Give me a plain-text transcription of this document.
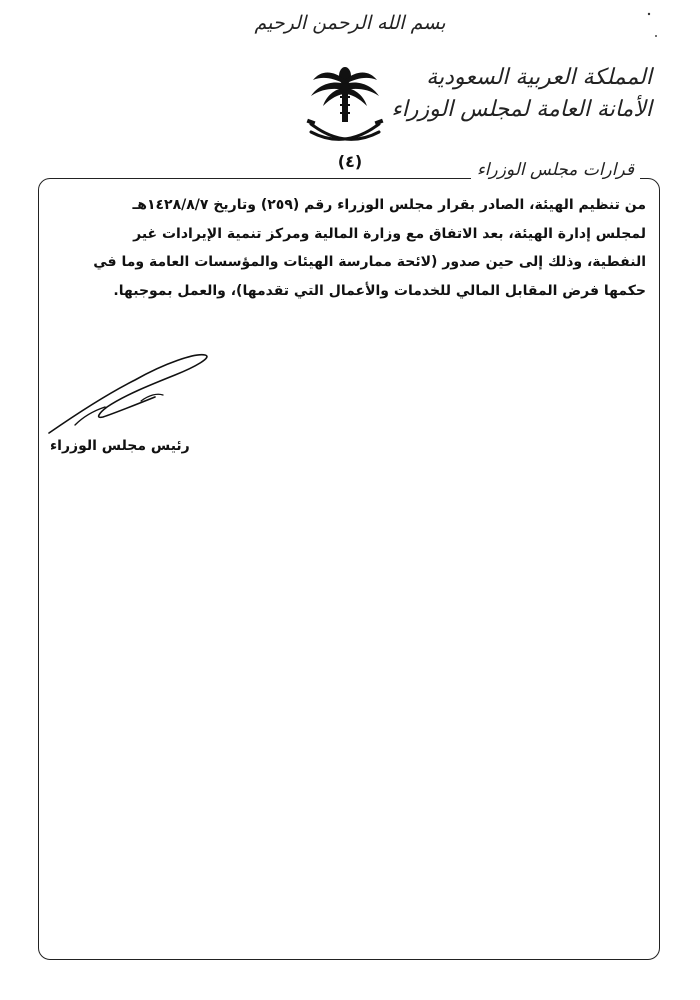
بسم الله الرحمن الرحيم
المملكة العربية السعودية
الأمانة العامة لمجلس الوزراء
(٤)	قرارات مجلس الوزراء

من تنظيم الهيئة، الصادر بقرار مجلس الوزراء رقم (٢٥٩) وتاريخ ١٤٢٨/٨/٧هـ

لمجلس إدارة الهيئة، بعد الاتفاق مع وزارة المالية ومركز تنمية الإيرادات غير

النفطية، وذلك إلى حين صدور (لائحة ممارسة الهيئات والمؤسسات العامة وما في

حكمها فرض المقابل المالي للخدمات والأعمال التي تقدمها)، والعمل بموجبها.

رئيس مجلس الوزراء
